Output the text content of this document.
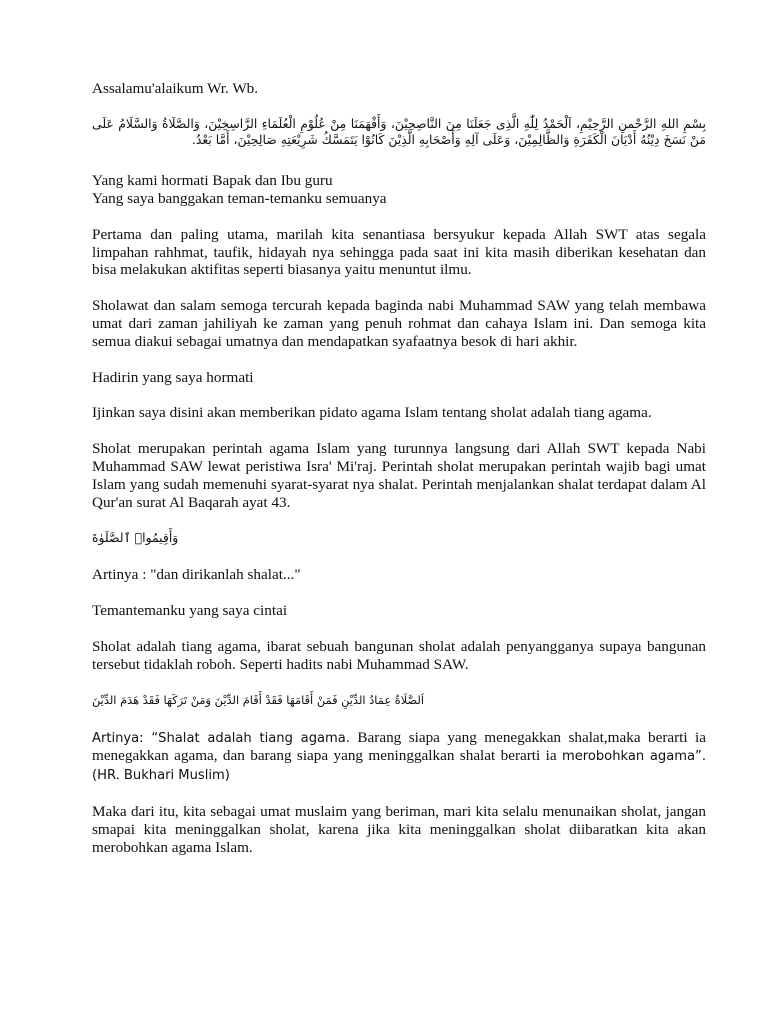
Assalamu'alaikum Wr. Wb.

بِسْمِ اللهِ الرَّحْمنِ الرَّحِيْمِ، اَلْحَمْدُ لِلّٰهِ الَّذِى جَعَلَنَا مِنَ النَّاصِحِيْنَ، وَأَفْهَمَنَا مِنْ عُلُوْمِ الْعُلَمَاءِ الرَّاسِخِيْنَ، وَالصَّلَاةُ وَالسَّلَامُ عَلَى مَنْ نَسَخَ دِيْنُهُ أَدْيَانَ الْكَفَرَةِ وَالظَّالِمِيْنَ، وَعَلَى آلِهِ وَأَصْحَابِهِ الَّذِيْنَ كَانُوْا يَتَمَسَّكُ شَرِيْعَتِهِ صَالِحِيْنَ، أَمَّا بَعْدُ.

Yang kami hormati Bapak dan Ibu guru

Yang saya banggakan teman-temanku semuanya

Pertama dan paling utama, marilah kita senantiasa bersyukur kepada Allah SWT atas segala limpahan rahhmat, taufik, hidayah nya sehingga pada saat ini kita masih diberikan kesehatan dan bisa melakukan aktifitas seperti biasanya yaitu menuntut ilmu.

Sholawat dan salam semoga tercurah kepada baginda nabi Muhammad SAW yang telah membawa umat dari zaman jahiliyah ke zaman yang penuh rohmat dan cahaya Islam ini. Dan semoga kita semua diakui sebagai umatnya dan mendapatkan syafaatnya besok di hari akhir.

Hadirin yang saya hormati

Ijinkan saya disini akan memberikan pidato agama Islam tentang sholat adalah tiang agama.

Sholat merupakan perintah agama Islam yang turunnya langsung dari Allah SWT kepada Nabi Muhammad SAW lewat peristiwa Isra' Mi'raj. Perintah sholat merupakan perintah wajib bagi umat Islam yang sudah memenuhi syarat-syarat nya shalat. Perintah menjalankan shalat terdapat dalam Al Qur'an surat Al Baqarah ayat 43.

وَأَقِيمُوا۟ ٱلصَّلَوٰةَ

Artinya : "dan dirikanlah shalat..."

Temantemanku yang saya cintai

Sholat adalah tiang agama, ibarat sebuah bangunan sholat adalah penyangganya supaya bangunan tersebut tidaklah roboh. Seperti hadits nabi Muhammad SAW.

اَلصَّلَاةُ عِمَادُ الدِّيْنِ فَمَنْ أَقَامَهَا فَقَدْ أَقَامَ الدِّيْنَ وَمَنْ تَرَكَهَا فَقَدْ هَدَمَ الدِّيْنَ

Artinya: “Shalat adalah tiang agama. Barang siapa yang menegakkan shalat,maka berarti ia menegakkan agama, dan barang siapa yang meninggalkan shalat berarti ia merobohkan agama”. (HR. Bukhari Muslim)

Maka dari itu, kita sebagai umat muslaim yang beriman, mari kita selalu menunaikan sholat, jangan smapai kita meninggalkan sholat, karena jika kita meninggalkan sholat diibaratkan kita akan merobohkan agama Islam.
